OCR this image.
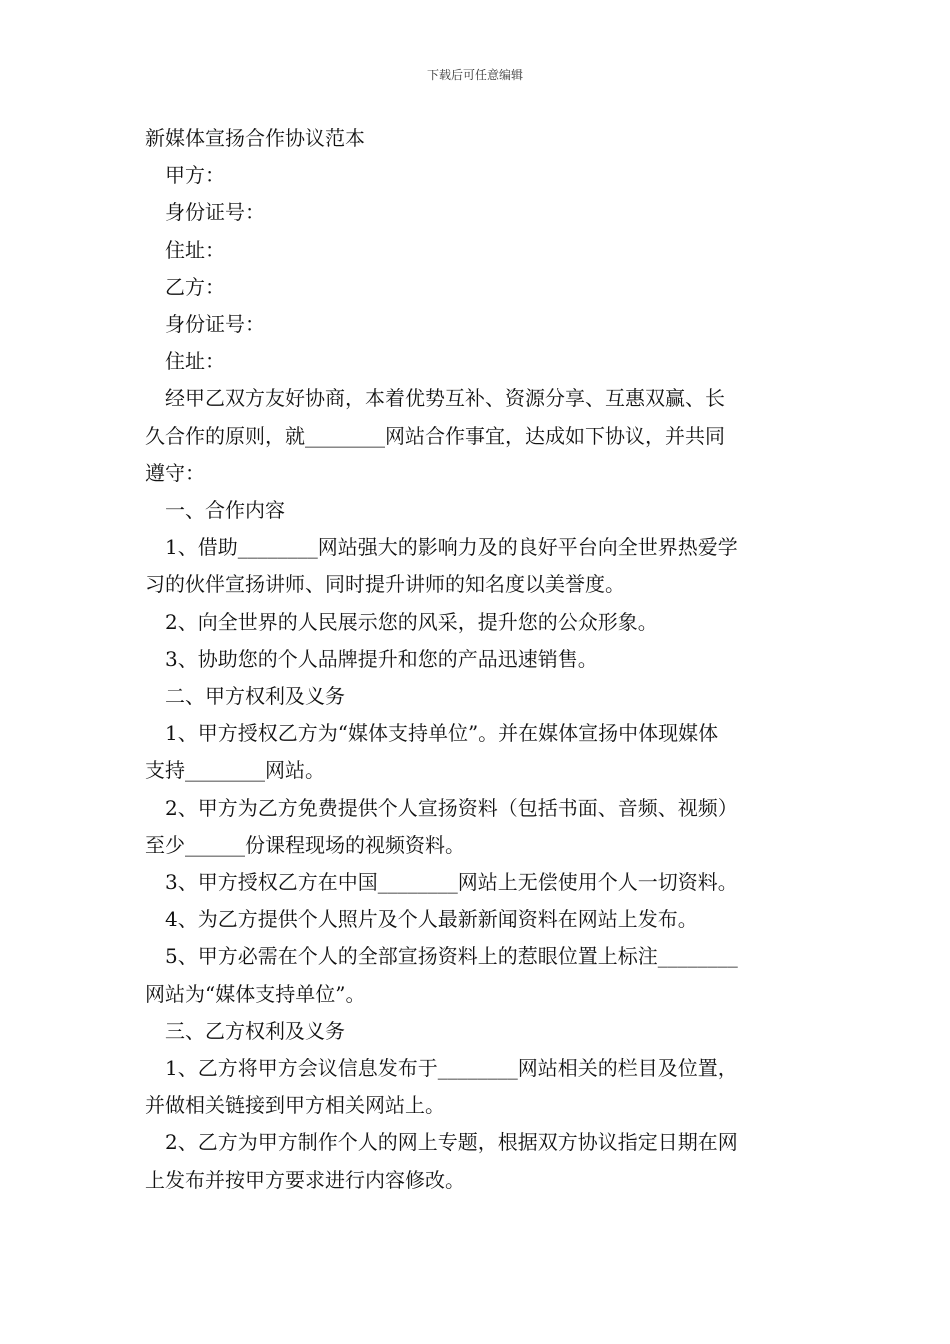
下载后可任意编辑
新媒体宣扬合作协议范本
甲方：
身份证号：
住址：
乙方：
身份证号：
住址：
经甲乙双方友好协商，本着优势互补、资源分享、互惠双赢、长
久合作的原则，就________网站合作事宜，达成如下协议，并共同
遵守：
一、合作内容
1、借助________网站强大的影响力及的良好平台向全世界热爱学
习的伙伴宣扬讲师、同时提升讲师的知名度以美誉度。
2、向全世界的人民展示您的风采，提升您的公众形象。
3、协助您的个人品牌提升和您的产品迅速销售。
二、甲方权利及义务
1、甲方授权乙方为“媒体支持单位”。并在媒体宣扬中体现媒体
支持________网站。
2、甲方为乙方免费提供个人宣扬资料（包括书面、音频、视频）
至少______份课程现场的视频资料。
3、甲方授权乙方在中国________网站上无偿使用个人一切资料。
4、为乙方提供个人照片及个人最新新闻资料在网站上发布。
5、甲方必需在个人的全部宣扬资料上的惹眼位置上标注________
网站为“媒体支持单位”。
三、乙方权利及义务
1、乙方将甲方会议信息发布于________网站相关的栏目及位置，
并做相关链接到甲方相关网站上。
2、乙方为甲方制作个人的网上专题，根据双方协议指定日期在网
上发布并按甲方要求进行内容修改。
